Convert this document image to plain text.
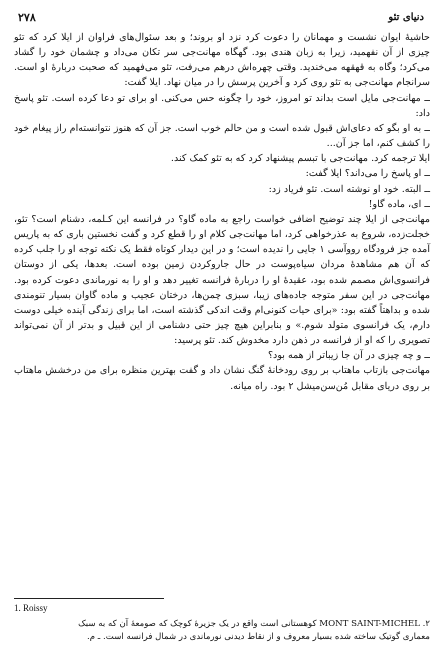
۲۷۸	دنیای تئو

حاشیهٔ ایوان نشست و مهمانان را دعوت کرد نزد او بروند؛ و بعد سئوال‌های فراوان از ایلا کرد که تئو چیزی از آن نفهمید، زیرا به زبان هندی بود. گهگاه مهانت‌جی سر تکان می‌داد و چشمان خود را گشاد می‌کرد؛ وگاه به قهقهه می‌خندید. وقتی چهره‌اش درهم می‌رفت، تئو می‌فهمید که صحبت دربارهٔ او است. سرانجام مهانت‌جی به تئو روی کرد و آخرین پرسش را در میان نهاد. ایلا گفت:

ــ مهانت‌جی مایل است بداند تو امروز، خود را چگونه حس می‌کنی. او برای تو دعا کرده است. تئو پاسخ داد:

ــ به او بگو که دعای‌اش قبول شده است و من حالم خوب است. جز آن که هنوز نتوانسته‌ام راز پیغام خود را کشف کنم، اما جز آن...

ایلا ترجمه کرد. مهانت‌جی با تبسم پیشنهاد کرد که به تئو کمک کند.

ــ او پاسخ را می‌داند؟ ایلا گفت:

ــ البته. خود او نوشته است. تئو فریاد زد:

ــ ای، ماده گاو!

مهانت‌جی از ایلا چند توضیح اضافی خواست راجع به ماده گاو؟ در فرانسه این کـلمه، دشنام است؟ تئو، خجلت‌زده، شروع به عذرخواهی کرد، اما مهانت‌جی کلام او را قطع کرد و گفت نخستین باری که به پاریس آمده جز فرودگاه رووآسی ۱ جایی را ندیده است؛ و در این دیدار کوتاه فقط یک نکته توجه او را جلب کرده که آن هم مشاهدهٔ مردان سیاه‌پوست در حال جاروکردن زمین بوده است. بعدها، یکی از دوستان فرانسوی‌اش مصمم شده بود، عقیدهٔ او را دربارهٔ فرانسه تغییر دهد و او را به نورماندی دعوت کرده بود. مهانت‌جی در این سفر متوجه جاده‌های زیبا، سبزی چمن‌ها، درختان عجیب و ماده گاوان بسیار تنومندی شده و بداهتاً گفته بود: «برای حیات کنونی‌ام وقت اندکی گذشته است، اما برای زندگی آینده خیلی دوست دارم، یک فرانسوی متولد شوم.» و بنابراین هیچ چیز حتی دشنامی از این قبیل و بدتر از آن نمی‌تواند تصویری را که او از فرانسه در ذهن دارد مخدوش کند. تئو پرسید:

ــ و چه چیزی در آن جا زیباتر از همه بود؟

مهانت‌جی بازتاب ماهتاب بر روی رودخانهٔ گنگ نشان داد و گفت بهترین منظره برای من درخشش ماهتاب بر روی دریای مقابل مُن‌سن‌میشل ۲ بود. راه میانه.

1. Roissy

۲. MONT SAINT-MICHEL کوهستانی است واقع در یک جزیرهٔ کوچک که صومعهٔ آن که به سبک

معماری گوتیک ساخته شده بسیار معروف و از نقاط دیدنی نورماندی در شمال فرانسه است. ـ م.
